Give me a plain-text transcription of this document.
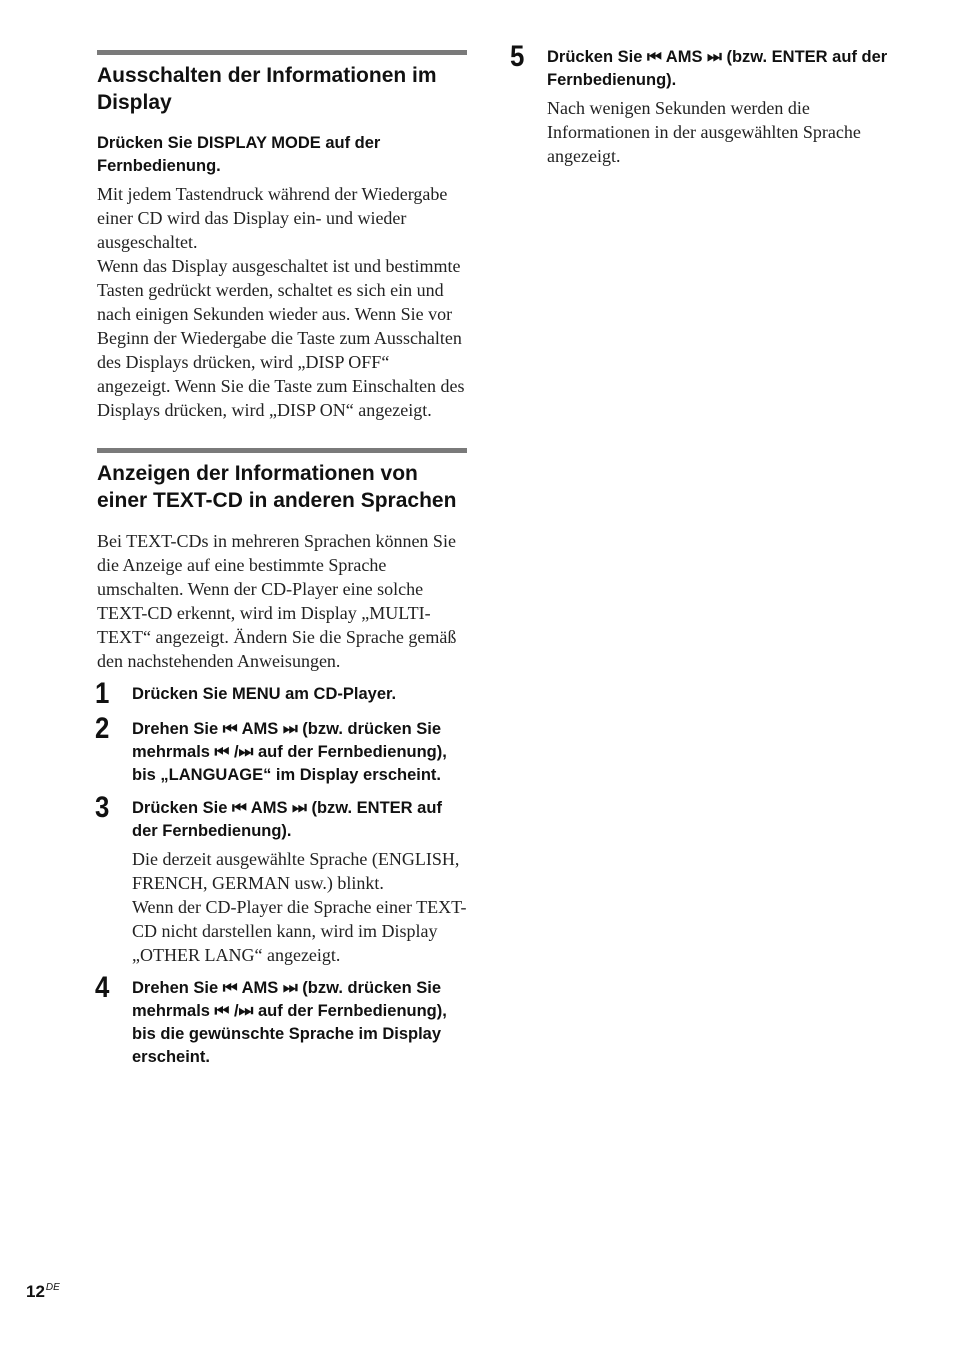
Ausschalten der Informationen im Display

Drücken Sie DISPLAY MODE auf der Fernbedienung.

Mit jedem Tastendruck während der Wiedergabe einer CD wird das Display ein- und wieder ausgeschaltet.
Wenn das Display ausgeschaltet ist und bestimmte Tasten gedrückt werden, schaltet es sich ein und nach einigen Sekunden wieder aus. Wenn Sie vor Beginn der Wiedergabe die Taste zum Ausschalten des Displays drücken, wird „DISP OFF“ angezeigt. Wenn Sie die Taste zum Einschalten des Displays drücken, wird „DISP ON“ angezeigt.

Anzeigen der Informationen von einer TEXT-CD in anderen Sprachen

Bei TEXT-CDs in mehreren Sprachen können Sie die Anzeige auf eine bestimmte Sprache umschalten. Wenn der CD-Player eine solche TEXT-CD erkennt, wird im Display „MULTI-TEXT“ angezeigt. Ändern Sie die Sprache gemäß den nachstehenden Anweisungen.

1 Drücken Sie MENU am CD-Player.

2 Drehen Sie ⏮ AMS ⏭ (bzw. drücken Sie mehrmals ⏮ /⏭ auf der Fernbedienung), bis „LANGUAGE“ im Display erscheint.

3 Drücken Sie ⏮ AMS ⏭ (bzw. ENTER auf der Fernbedienung).

Die derzeit ausgewählte Sprache (ENGLISH, FRENCH, GERMAN usw.) blinkt.
Wenn der CD-Player die Sprache einer TEXT-CD nicht darstellen kann, wird im Display „OTHER LANG“ angezeigt.

4 Drehen Sie ⏮ AMS ⏭ (bzw. drücken Sie mehrmals ⏮ /⏭ auf der Fernbedienung), bis die gewünschte Sprache im Display erscheint.

5 Drücken Sie ⏮ AMS ⏭ (bzw. ENTER auf der Fernbedienung).

Nach wenigen Sekunden werden die Informationen in der ausgewählten Sprache angezeigt.

12DE
